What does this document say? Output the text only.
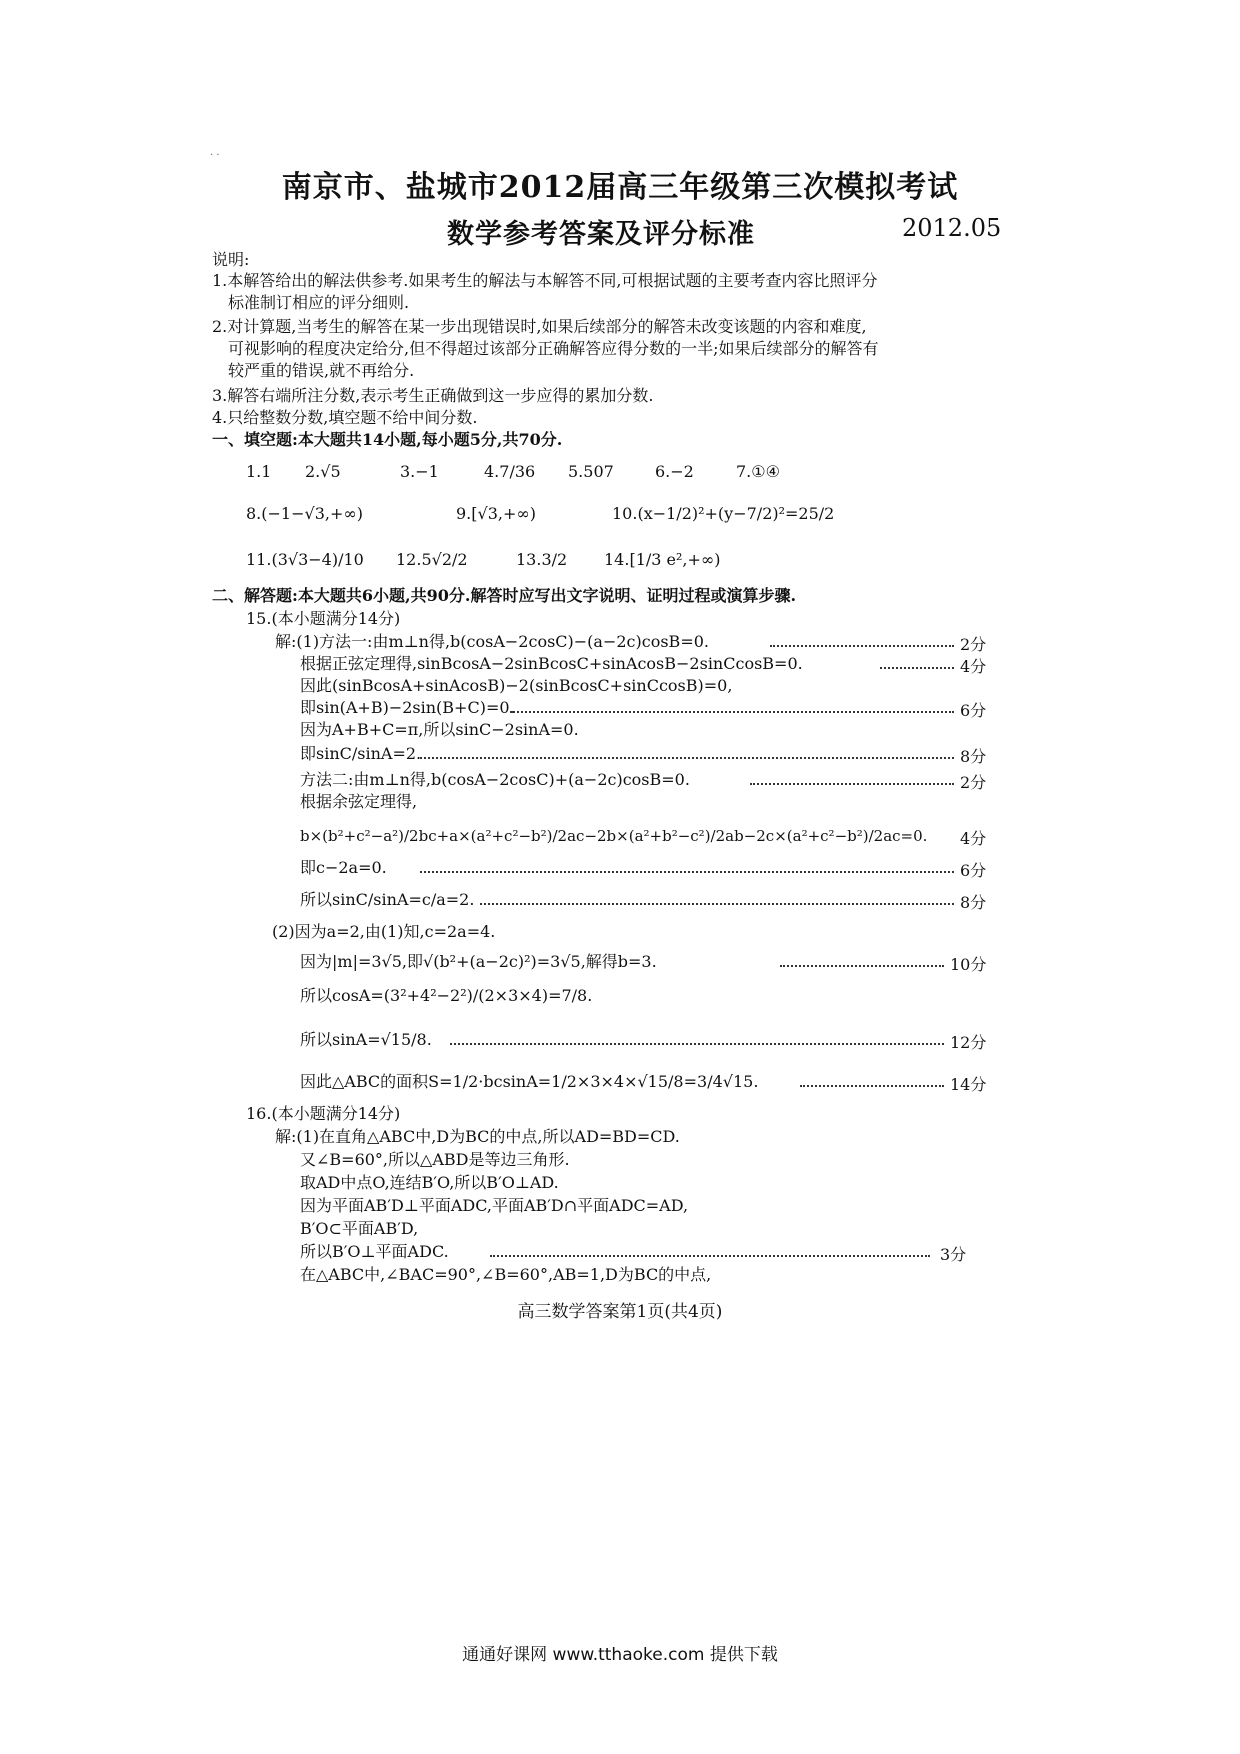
· ·
南京市、盐城市2012届高三年级第三次模拟考试
数学参考答案及评分标准	2012.05
说明:
1.本解答给出的解法供参考.如果考生的解法与本解答不同,可根据试题的主要考查内容比照评分
标准制订相应的评分细则.
2.对计算题,当考生的解答在某一步出现错误时,如果后续部分的解答未改变该题的内容和难度,
可视影响的程度决定给分,但不得超过该部分正确解答应得分数的一半;如果后续部分的解答有
较严重的错误,就不再给分.
3.解答右端所注分数,表示考生正确做到这一步应得的累加分数.
4.只给整数分数,填空题不给中间分数.
一、填空题:本大题共14小题,每小题5分,共70分.
1.1 2.√5	3.−1	4.7/36 5.507	6.−2	7.①④
8.(−1−√3,+∞)	9.[√3,+∞)	10.(x−1/2)²+(y−7/2)²=25/2
11.(3√3−4)/10 12.5√2/2	13.3/2 14.[1/3 e²,+∞)
二、解答题:本大题共6小题,共90分.解答时应写出文字说明、证明过程或演算步骤.
15.(本小题满分14分)
解:(1)方法一:由m⊥n得,b(cosA−2cosC)−(a−2c)cosB=0.	2分
根据正弦定理得,sinBcosA−2sinBcosC+sinAcosB−2sinCcosB=0.	4分
因此(sinBcosA+sinAcosB)−2(sinBcosC+sinCcosB)=0,
即sin(A+B)−2sin(B+C)=0.	6分
因为A+B+C=π,所以sinC−2sinA=0.
即sinC/sinA=2.	8分
方法二:由m⊥n得,b(cosA−2cosC)+(a−2c)cosB=0.	2分
根据余弦定理得,
b×(b²+c²−a²)/2bc+a×(a²+c²−b²)/2ac−2b×(a²+b²−c²)/2ab−2c×(a²+c²−b²)/2ac=0. 4分
即c−2a=0.	6分
所以sinC/sinA=c/a=2.	8分
(2)因为a=2,由(1)知,c=2a=4.
因为|m|=3√5,即√(b²+(a−2c)²)=3√5,解得b=3.	10分
所以cosA=(3²+4²−2²)/(2×3×4)=7/8.
所以sinA=√15/8.	12分
因此△ABC的面积S=1/2·bcsinA=1/2×3×4×√15/8=3/4√15.	14分
16.(本小题满分14分)
解:(1)在直角△ABC中,D为BC的中点,所以AD=BD=CD.
又∠B=60°,所以△ABD是等边三角形.
取AD中点O,连结B′O,所以B′O⊥AD.
因为平面AB′D⊥平面ADC,平面AB′D∩平面ADC=AD,
B′O⊂平面AB′D,
所以B′O⊥平面ADC.	3分
在△ABC中,∠BAC=90°,∠B=60°,AB=1,D为BC的中点,
高三数学答案第1页(共4页)
通通好课网 www.tthaoke.com 提供下载
